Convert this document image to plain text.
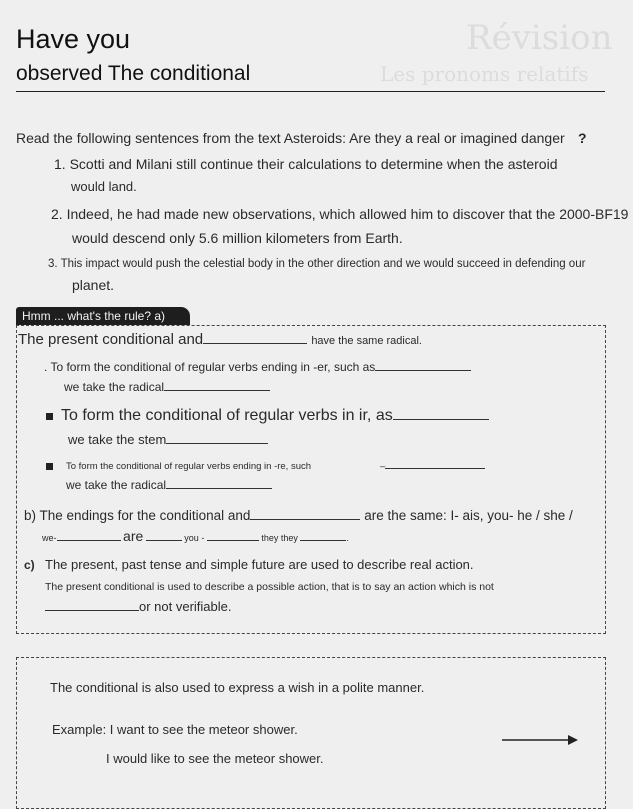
Révision
Les pronoms relatifs
Have you
observed The conditional
Read the following sentences from the text Asteroids: Are they a real or imagined danger ?
1. Scotti and Milani still continue their calculations to determine when the asteroid
would land.
2. Indeed, he had made new observations, which allowed him to discover that the 2000-BF19
would descend only 5.6 million kilometers from Earth.
3. This impact would push the celestial body in the other direction and we would succeed in defending our
planet.
Hmm ... what's the rule? a)
The present conditional and	have the same radical.
. To form the conditional of regular verbs ending in -er, such as
we take the radical
To form the conditional of regular verbs in ir, as
we take the stem
To form the conditional of regular verbs ending in -re, such	–
we take the radical
b) The endings for the conditional and	are the same: I- ais, you- he / she /
we-	are	you -	they they	.
c) The present, past tense and simple future are used to describe real action.
The present conditional is used to describe a possible action, that is to say an action which is not
or not verifiable.
The conditional is also used to express a wish in a polite manner.
Example: I want to see the meteor shower.
I would like to see the meteor shower.
